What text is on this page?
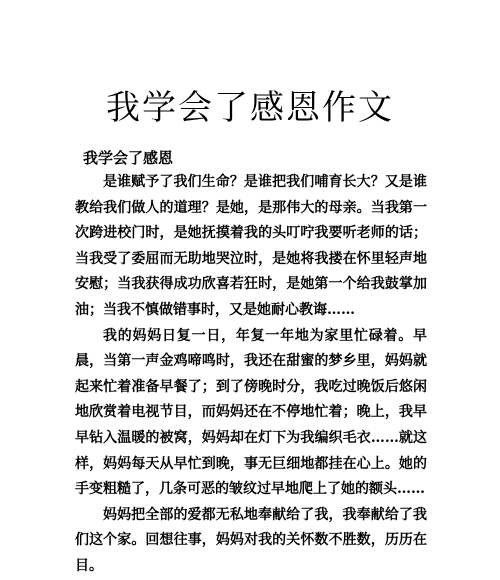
我学会了感恩作文

我学会了感恩

是谁赋予了我们生命？是谁把我们哺育长大？又是谁教给我们做人的道理？是她，是那伟大的母亲。当我第一次跨进校门时，是她抚摸着我的头叮咛我要听老师的话；当我受了委屈而无助地哭泣时，是她将我搂在怀里轻声地安慰；当我获得成功欣喜若狂时，是她第一个给我鼓掌加油；当我不慎做错事时，又是她耐心教诲……

我的妈妈日复一日，年复一年地为家里忙碌着。早晨，当第一声金鸡啼鸣时，我还在甜蜜的梦乡里，妈妈就起来忙着准备早餐了；到了傍晚时分，我吃过晚饭后悠闲地欣赏着电视节目，而妈妈还在不停地忙着；晚上，我早早钻入温暖的被窝，妈妈却在灯下为我编织毛衣……就这样，妈妈每天从早忙到晚，事无巨细地都挂在心上。她的手变粗糙了，几条可恶的皱纹过早地爬上了她的额头……

妈妈把全部的爱都无私地奉献给了我，我奉献给了我们这个家。回想往事，妈妈对我的关怀数不胜数，历历在目。
